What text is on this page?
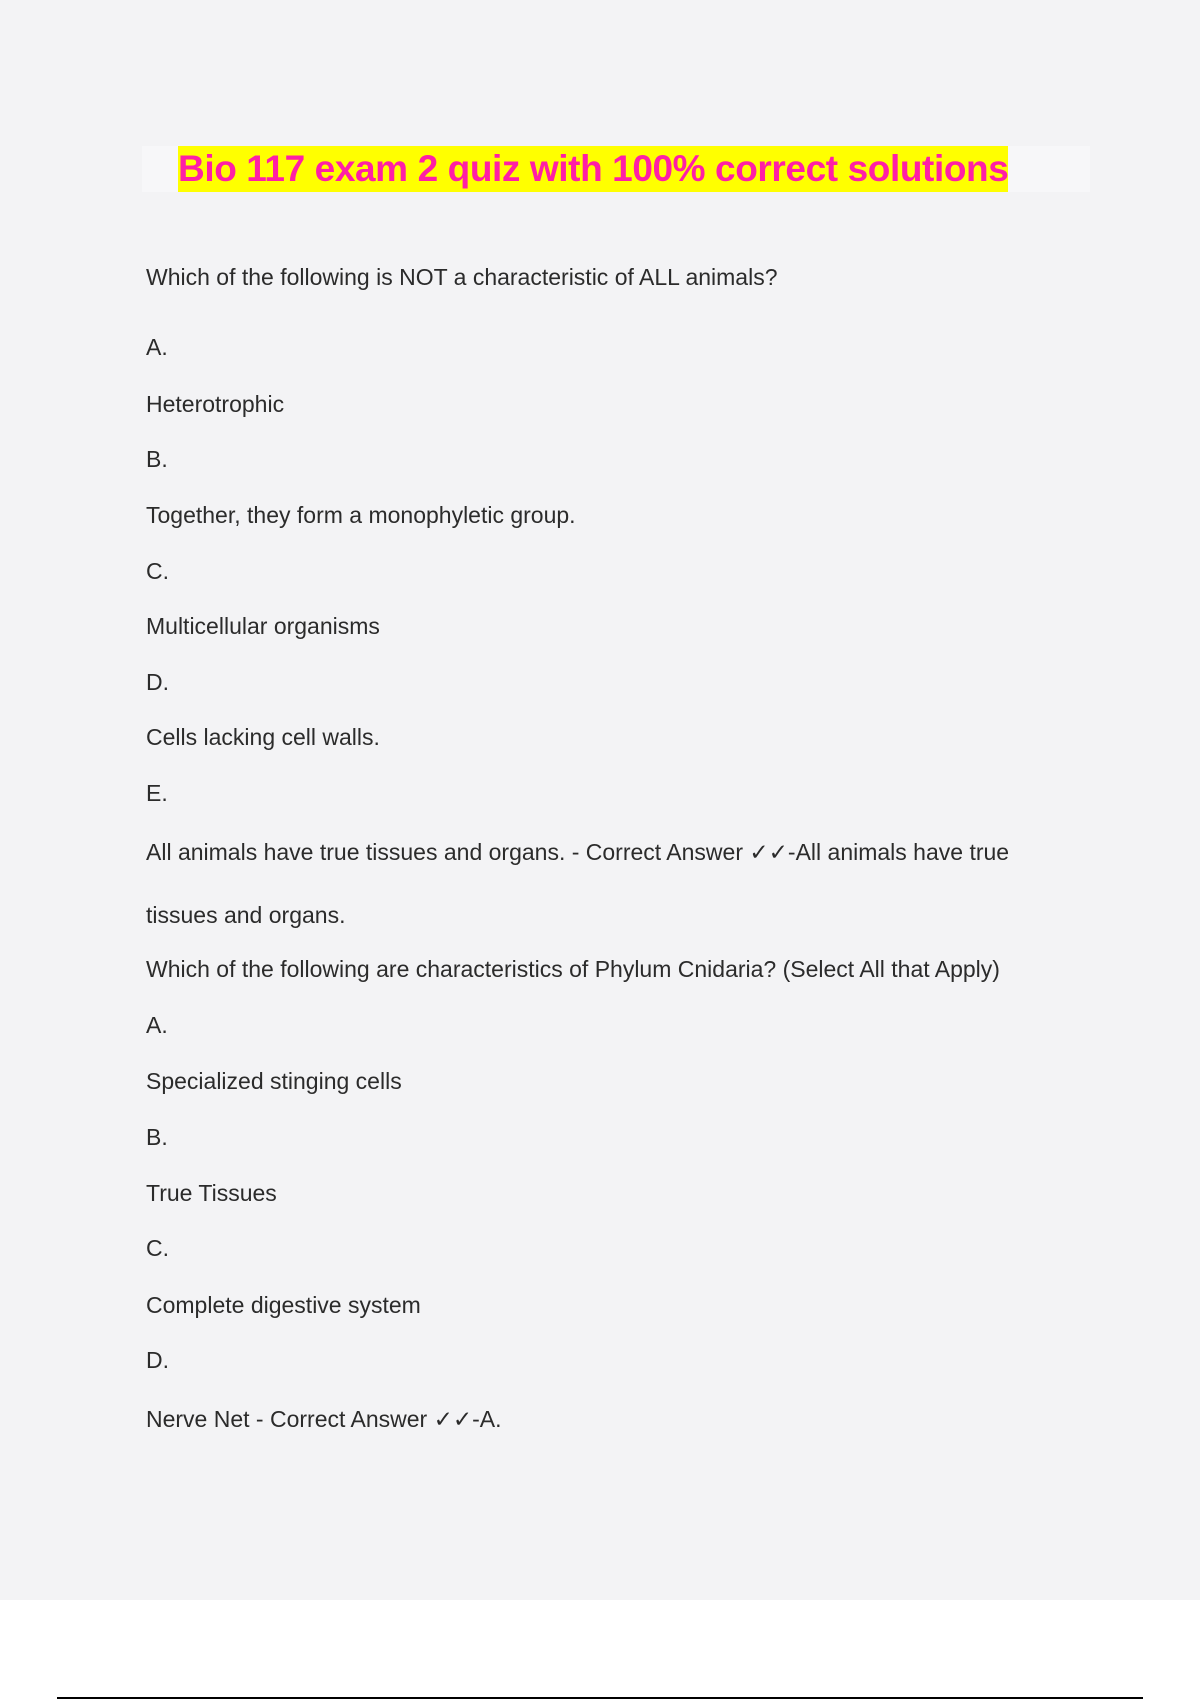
Bio 117 exam 2 quiz with 100% correct solutions

Which of the following is NOT a characteristic of ALL animals?

A.

Heterotrophic

B.

Together, they form a monophyletic group.

C.

Multicellular organisms

D.

Cells lacking cell walls.

E.

All animals have true tissues and organs. - Correct Answer ✓✓-All animals have true

tissues and organs.

Which of the following are characteristics of Phylum Cnidaria? (Select All that Apply)

A.

Specialized stinging cells

B.

True Tissues

C.

Complete digestive system

D.

Nerve Net - Correct Answer ✓✓-A.
